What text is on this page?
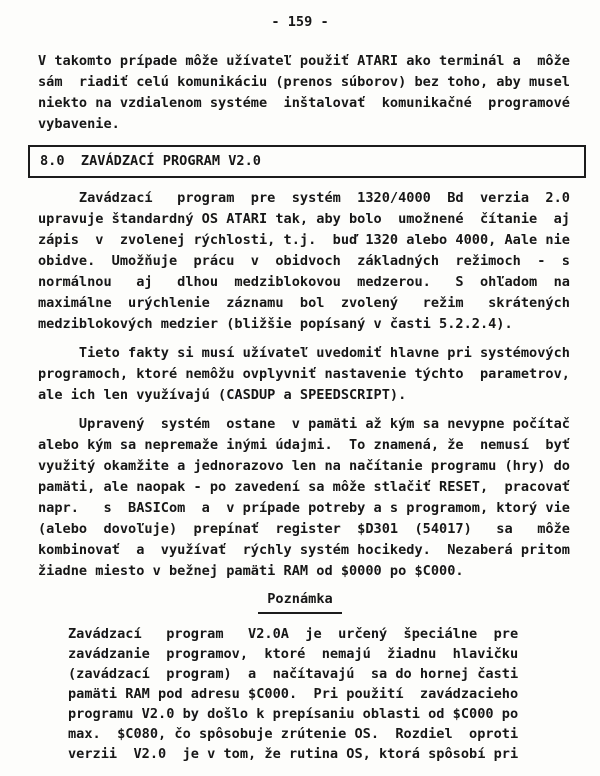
- 159 -
V takomto prípade môže užívateľ použiť ATARI ako terminál a  môže
sám  riadiť celú komunikáciu (prenos súborov) bez toho, aby musel
niekto na vzdialenom systéme  inštalovať  komunikačné  programové
vybavenie.
8.0  ZAVÁDZACÍ PROGRAM V2.0
Zavádzací   program  pre  systém  1320/4000  Bd  verzia  2.0
upravuje štandardný OS ATARI tak, aby bolo  umožnené  čítanie  aj
zápis  v  zvolenej rýchlosti, t.j.  buď 1320 alebo 4000, Aale nie
obidve.  Umožňuje  prácu  v  obidvoch  základných  režimoch  -  s
normálnou   aj   dlhou  medziblokovou  medzerou.   S  ohľadom  na
maximálne  urýchlenie  záznamu  bol  zvolený   režim   skrátených
medziblokových medzier (bližšie popísaný v časti 5.2.2.4).
Tieto fakty si musí užívateľ uvedomiť hlavne pri systémových
programoch, ktoré nemôžu ovplyvniť nastavenie týchto  parametrov,
ale ich len využívajú (CASDUP a SPEEDSCRIPT).
Upravený  systém  ostane  v pamäti až kým sa nevypne počítač
alebo kým sa nepremaže inými údajmi.  To znamená, že  nemusí  byť
využitý okamžite a jednorazovo len na načítanie programu (hry) do
pamäti, ale naopak - po zavedení sa môže stlačiť RESET,  pracovať
napr.   s  BASICom  a  v prípade potreby a s programom, ktorý vie
(alebo  dovoľuje)  prepínať  register  $D301  (54017)   sa   môže
kombinovať  a  využívať  rýchly systém hocikedy.  Nezaberá pritom
žiadne miesto v bežnej pamäti RAM od $0000 po $C000.
Poznámka
Zavádzací   program   V2.0A  je  určený  špeciálne  pre
zavádzanie  programov,  ktoré  nemajú  žiadnu  hlavičku
(zavádzací  program)  a  načítavajú  sa do hornej časti
pamäti RAM pod adresu $C000.  Pri použití  zavádzacieho
programu V2.0 by došlo k prepísaniu oblasti od $C000 po
max.  $C080, čo spôsobuje zrútenie OS.  Rozdiel  oproti
verzii  V2.0  je v tom, že rutina OS, ktorá spôsobí pri
